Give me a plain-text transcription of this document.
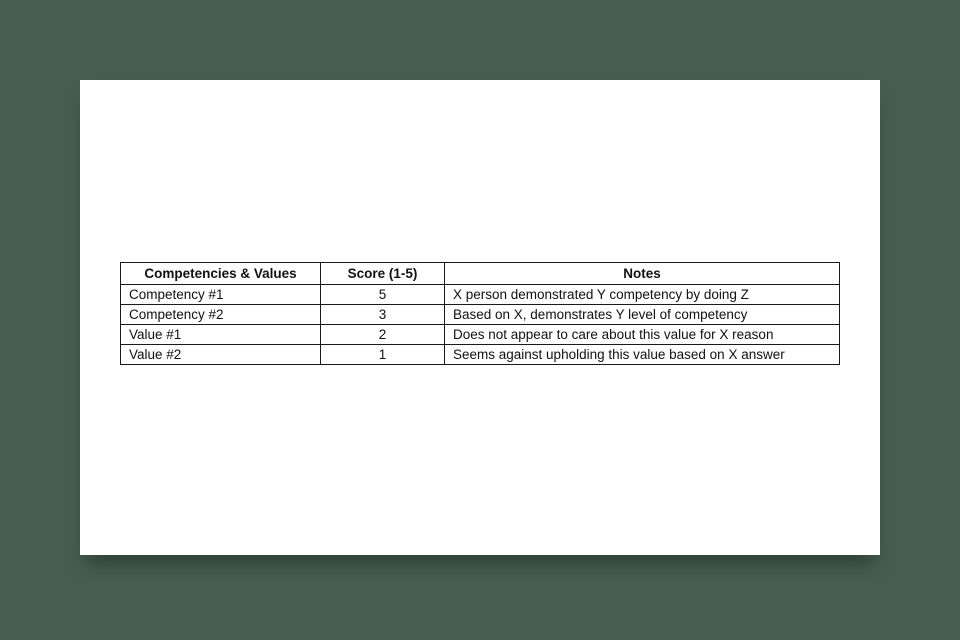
Competencies & Values	Score (1-5)	Notes
Competency #1	5	X person demonstrated Y competency by doing Z
Competency #2	3	Based on X, demonstrates Y level of competency
Value #1	2	Does not appear to care about this value for X reason
Value #2	1	Seems against upholding this value based on X answer
